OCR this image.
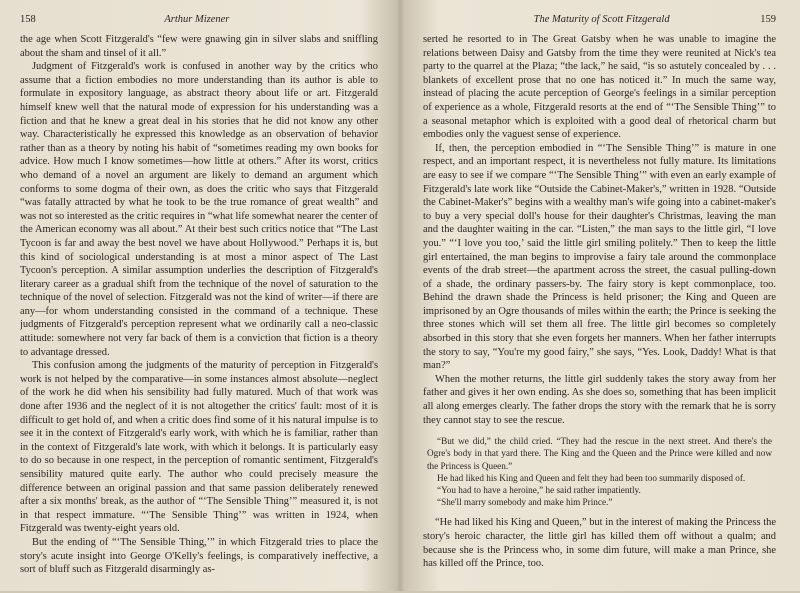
158	Arthur Mizener

the age when Scott Fitzgerald's “few were gnawing gin in silver slabs and sniffling about the sham and tinsel of it all.”

Judgment of Fitzgerald's work is confused in another way by the critics who assume that a fiction embodies no more understanding than its author is able to formulate in expository language, as abstract theory about life or art. Fitzgerald himself knew well that the natural mode of expression for his understanding was a fiction and that he knew a great deal in his stories that he did not know any other way. Characteristically he expressed this knowledge as an observation of behavior rather than as a theory by noting his habit of “sometimes reading my own books for advice. How much I know sometimes—how little at others.” After its worst, critics who demand of a novel an argument are likely to demand an argument which conforms to some dogma of their own, as does the critic who says that Fitzgerald “was fatally attracted by what he took to be the true romance of great wealth” and was not so interested as the critic requires in “what life somewhat nearer the center of the American economy was all about.” At their best such critics notice that “The Last Tycoon is far and away the best novel we have about Hollywood.” Perhaps it is, but this kind of sociological understanding is at most a minor aspect of The Last Tycoon's perception. A similar assumption underlies the description of Fitzgerald's literary career as a gradual shift from the technique of the novel of saturation to the technique of the novel of selection. Fitzgerald was not the kind of writer—if there are any—for whom understanding consisted in the command of a technique. These judgments of Fitzgerald's perception represent what we ordinarily call a neo-classic attitude: somewhere not very far back of them is a conviction that fiction is a theory to advantage dressed.

This confusion among the judgments of the maturity of perception in Fitzgerald's work is not helped by the comparative—in some instances almost absolute—neglect of the work he did when his sensibility had fully matured. Much of that work was done after 1936 and the neglect of it is not altogether the critics' fault: most of it is difficult to get hold of, and when a critic does find some of it his natural impulse is to see it in the context of Fitzgerald's early work, with which he is familiar, rather than in the context of Fitzgerald's late work, with which it belongs. It is particularly easy to do so because in one respect, in the perception of romantic sentiment, Fitzgerald's sensibility matured quite early. The author who could precisely measure the difference between an original passion and that same passion deliberately renewed after a six months' break, as the author of “‘The Sensible Thing’” measured it, is not in that respect immature. “‘The Sensible Thing’” was written in 1924, when Fitzgerald was twenty-eight years old.

But the ending of “‘The Sensible Thing,’” in which Fitzgerald tries to place the story's acute insight into George O'Kelly's feelings, is comparatively ineffective, a sort of bluff such as Fitzgerald disarmingly as-

The Maturity of Scott Fitzgerald	159

serted he resorted to in The Great Gatsby when he was unable to imagine the relations between Daisy and Gatsby from the time they were reunited at Nick's tea party to the quarrel at the Plaza; “the lack,” he said, “is so astutely concealed by . . . blankets of excellent prose that no one has noticed it.” In much the same way, instead of placing the acute perception of George's feelings in a similar perception of experience as a whole, Fitzgerald resorts at the end of “‘The Sensible Thing’” to a seasonal metaphor which is exploited with a good deal of rhetorical charm but embodies only the vaguest sense of experience.

If, then, the perception embodied in “‘The Sensible Thing’” is mature in one respect, and an important respect, it is nevertheless not fully mature. Its limitations are easy to see if we compare “‘The Sensible Thing’” with even an early example of Fitzgerald's late work like “Outside the Cabinet-Maker's,” written in 1928. “Outside the Cabinet-Maker's” begins with a wealthy man's wife going into a cabinet-maker's to buy a very special doll's house for their daughter's Christmas, leaving the man and the daughter waiting in the car. “Listen,” the man says to the little girl, “I love you.” “‘I love you too,’ said the little girl smiling politely.” Then to keep the little girl entertained, the man begins to improvise a fairy tale around the commonplace events of the drab street—the apartment across the street, the casual pulling-down of a shade, the ordinary passers-by. The fairy story is kept commonplace, too. Behind the drawn shade the Princess is held prisoner; the King and Queen are imprisoned by an Ogre thousands of miles within the earth; the Prince is seeking the three stones which will set them all free. The little girl becomes so completely absorbed in this story that she even forgets her manners. When her father interrupts the story to say, “You're my good fairy,” she says, “Yes. Look, Daddy! What is that man?”

When the mother returns, the little girl suddenly takes the story away from her father and gives it her own ending. As she does so, something that has been implicit all along emerges clearly. The father drops the story with the remark that he is sorry they cannot stay to see the rescue.

“But we did,” the child cried. “They had the rescue in the next street. And there's the Ogre's body in that yard there. The King and the Queen and the Prince were killed and now the Princess is Queen.”

He had liked his King and Queen and felt they had been too summarily disposed of.

“You had to have a heroine,” he said rather impatiently.

“She'll marry somebody and make him Prince.”

“He had liked his King and Queen,” but in the interest of making the Princess the story's heroic character, the little girl has killed them off without a qualm; and because she is the Princess who, in some dim future, will make a man Prince, she has killed off the Prince, too.
